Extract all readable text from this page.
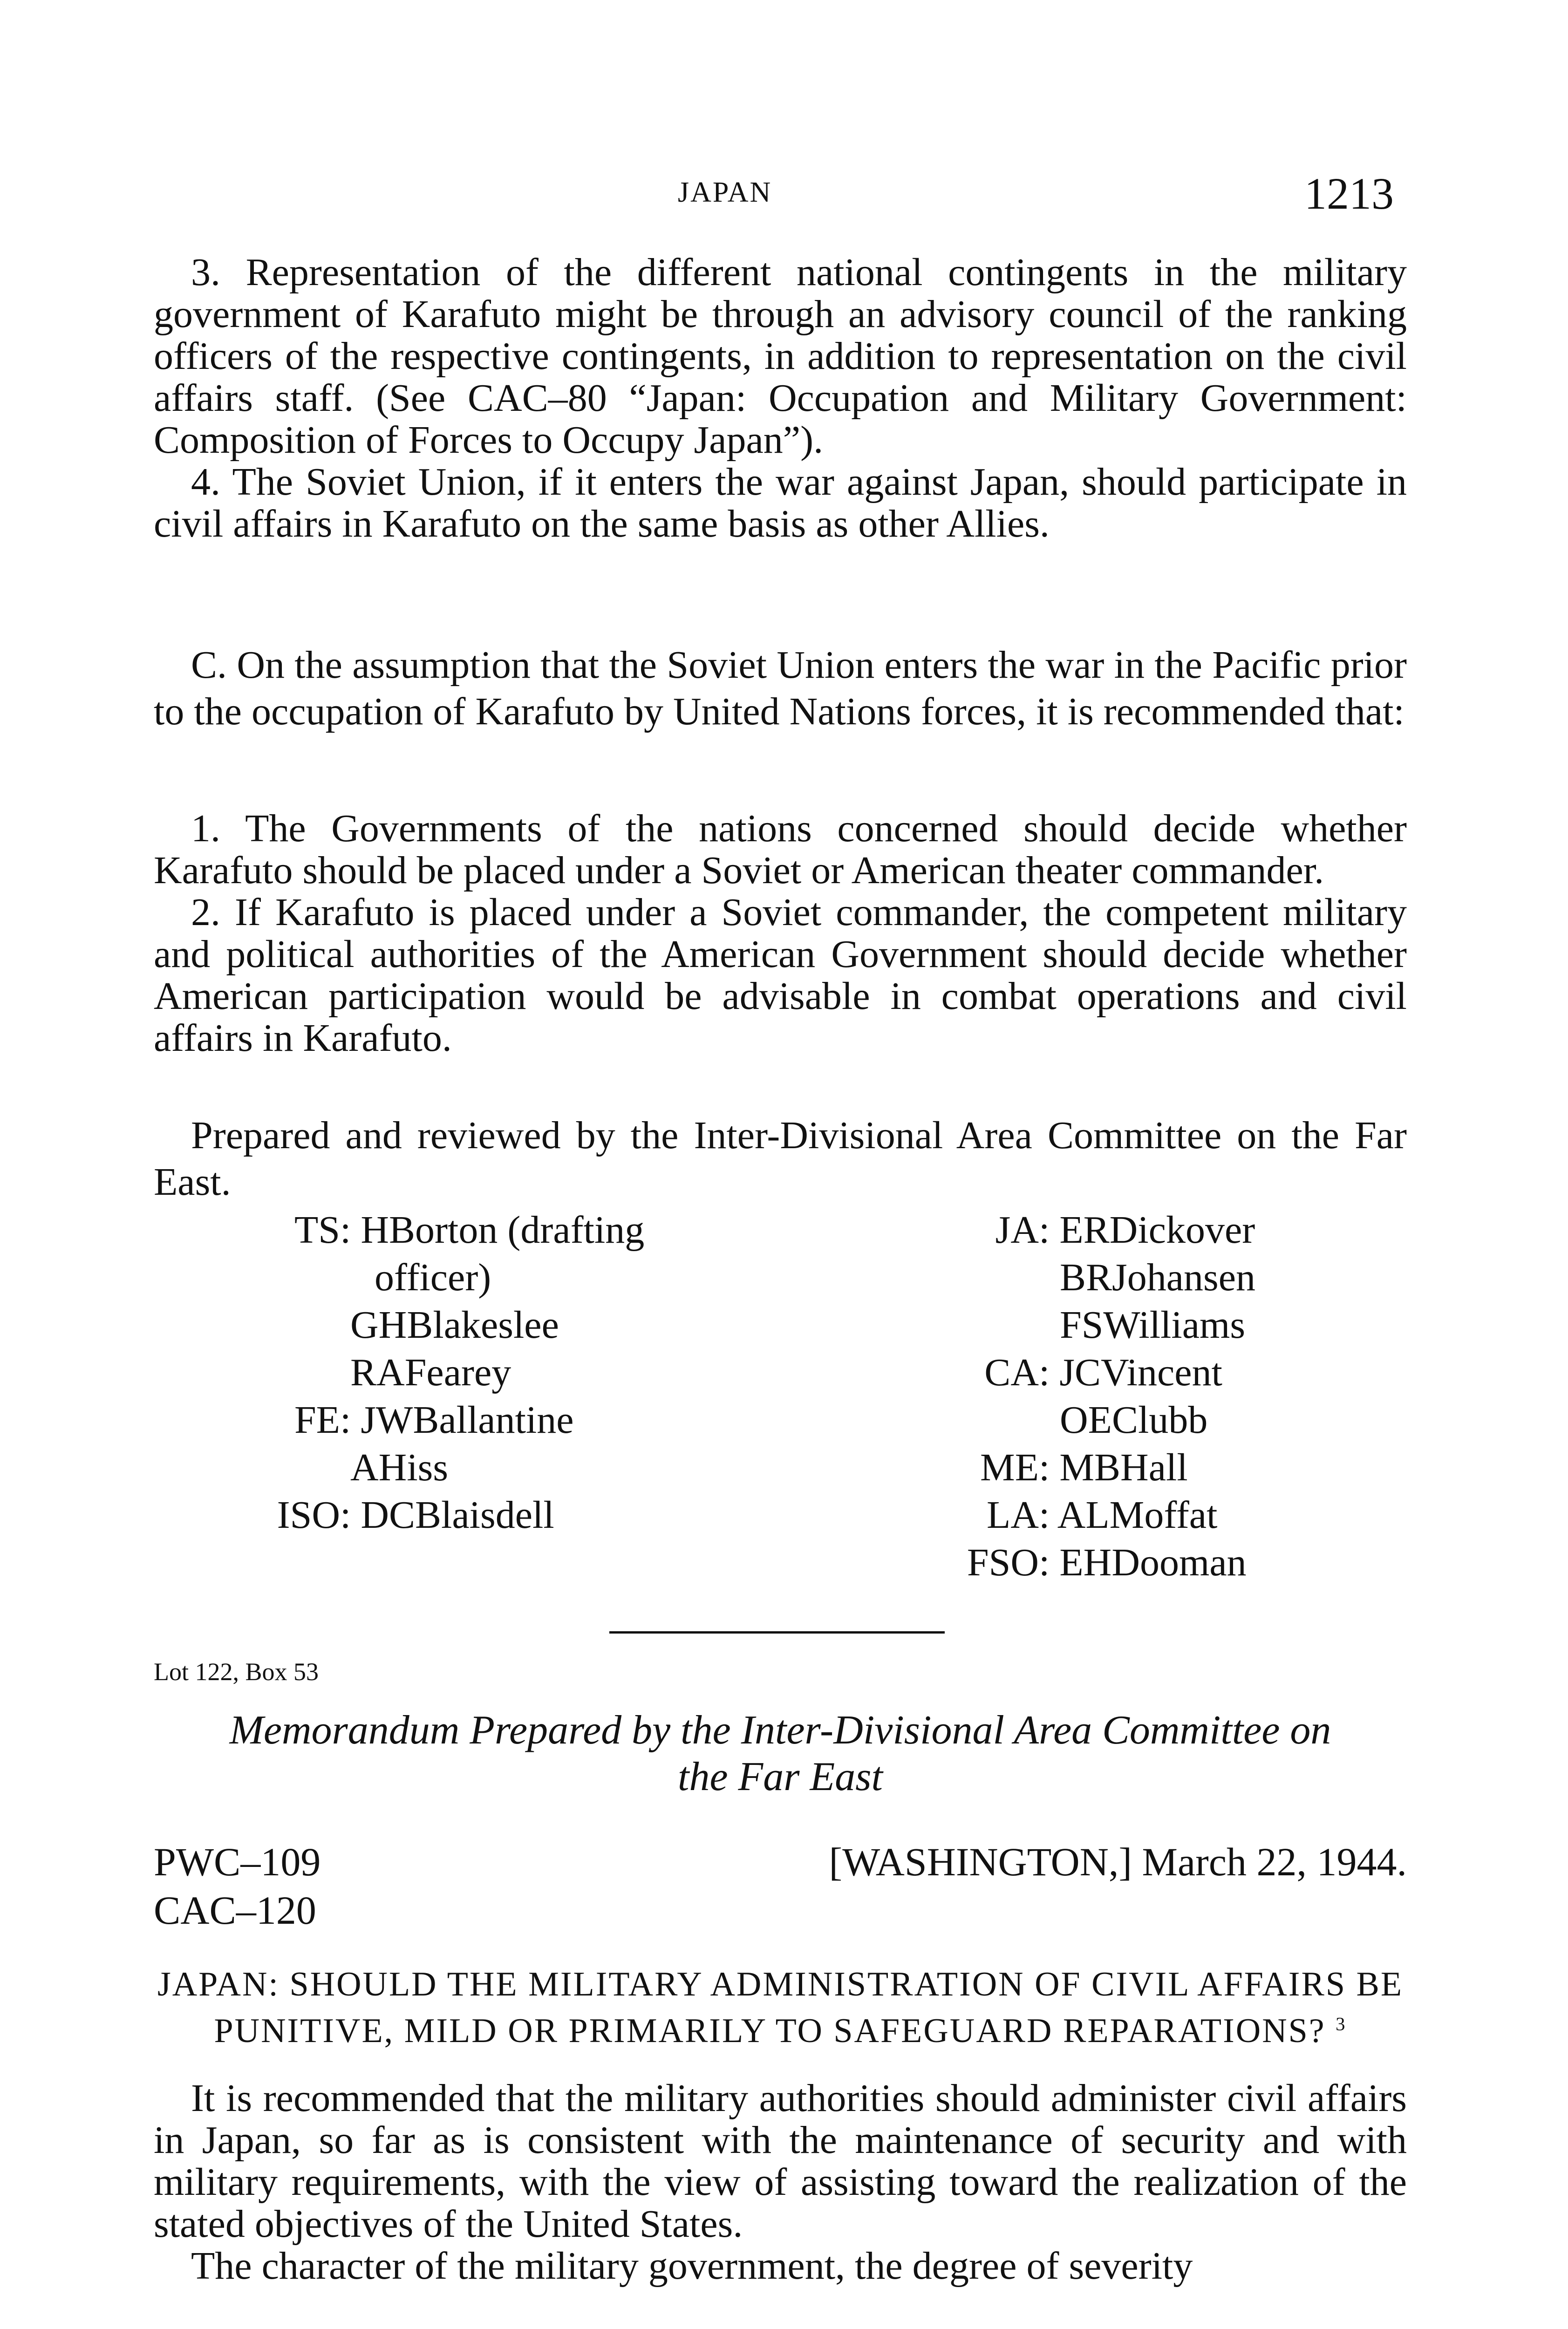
JAPAN	1213

3. Representation of the different national contingents in the military government of Karafuto might be through an advisory council of the ranking officers of the respective contingents, in addition to representation on the civil affairs staff. (See CAC–80 “Japan: Occupation and Military Government: Composition of Forces to Occupy Japan”).

4. The Soviet Union, if it enters the war against Japan, should participate in civil affairs in Karafuto on the same basis as other Allies.

C. On the assumption that the Soviet Union enters the war in the Pacific prior to the occupation of Karafuto by United Nations forces, it is recommended that:

1. The Governments of the nations concerned should decide whether Karafuto should be placed under a Soviet or American theater commander.

2. If Karafuto is placed under a Soviet commander, the competent military and political authorities of the American Government should decide whether American participation would be advisable in combat operations and civil affairs in Karafuto.

Prepared and reviewed by the Inter-Divisional Area Committee on the Far East.

TS: HBorton (drafting
officer)
GHBlakeslee
RAFearey
FE: JWBallantine
AHiss
ISO: DCBlaisdell
JA: ERDickover
BRJohansen
FSWilliams
CA: JCVincent
OEClubb
ME: MBHall
LA: ALMoffat
FSO: EHDooman
Lot 122, Box 53
Memorandum Prepared by the Inter-Divisional Area Committee on
the Far East
PWC–109
CAC–120
[WASHINGTON,] March 22, 1944.
JAPAN: SHOULD THE MILITARY ADMINISTRATION OF CIVIL AFFAIRS BE
PUNITIVE, MILD OR PRIMARILY TO SAFEGUARD REPARATIONS? $^3$

It is recommended that the military authorities should administer civil affairs in Japan, so far as is consistent with the maintenance of security and with military requirements, with the view of assisting toward the realization of the stated objectives of the United States.

The character of the military government, the degree of severity
